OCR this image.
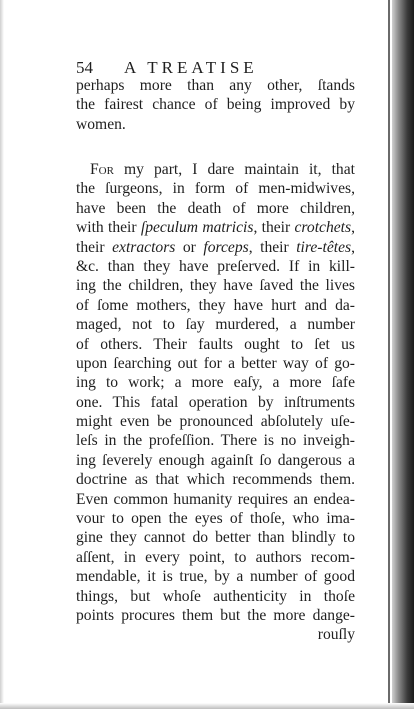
54 A TREATISE
perhaps more than any other, ſtands
the fairest chance of being improved by
women.
For my part, I dare maintain it, that
the ſurgeons, in form of men-midwives,
have been the death of more children,
with their ſpeculum matricis, their crotchets,
their extractors or forceps, their tire-têtes,
&c. than they have preſerved. If in kill-
ing the children, they have ſaved the lives
of ſome mothers, they have hurt and da-
maged, not to ſay murdered, a number
of others. Their faults ought to ſet us
upon ſearching out for a better way of go-
ing to work; a more eaſy, a more ſafe
one. This fatal operation by inſtruments
might even be pronounced abſolutely uſe-
leſs in the profeſſion. There is no inveigh-
ing ſeverely enough againſt ſo dangerous a
doctrine as that which recommends them.
Even common humanity requires an endea-
vour to open the eyes of thoſe, who ima-
gine they cannot do better than blindly to
aſſent, in every point, to authors recom-
mendable, it is true, by a number of good
things, but whoſe authenticity in thoſe
points procures them but the more dange-
rouſly
